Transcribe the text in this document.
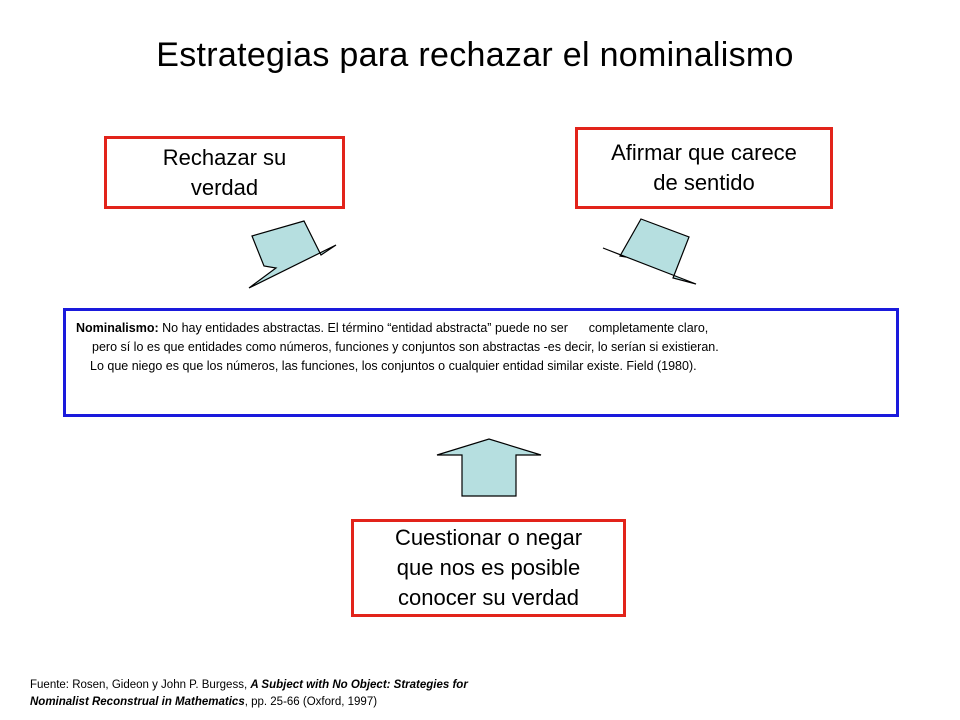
Estrategias para rechazar el nominalismo
Rechazar su
verdad
Afirmar que carece
de sentido
Cuestionar o negar
que nos es posible
conocer su verdad
Nominalismo: No hay entidades abstractas. El término “entidad abstracta” puede no ser      completamente claro,
pero sí lo es que entidades como números, funciones y conjuntos son abstractas -es decir, lo serían si existieran.
Lo que niego es que los números, las funciones, los conjuntos o cualquier entidad similar existe. Field (1980).
Fuente: Rosen, Gideon y John P. Burgess, A Subject with No Object: Strategies for
Nominalist Reconstrual in Mathematics, pp. 25-66 (Oxford, 1997)
